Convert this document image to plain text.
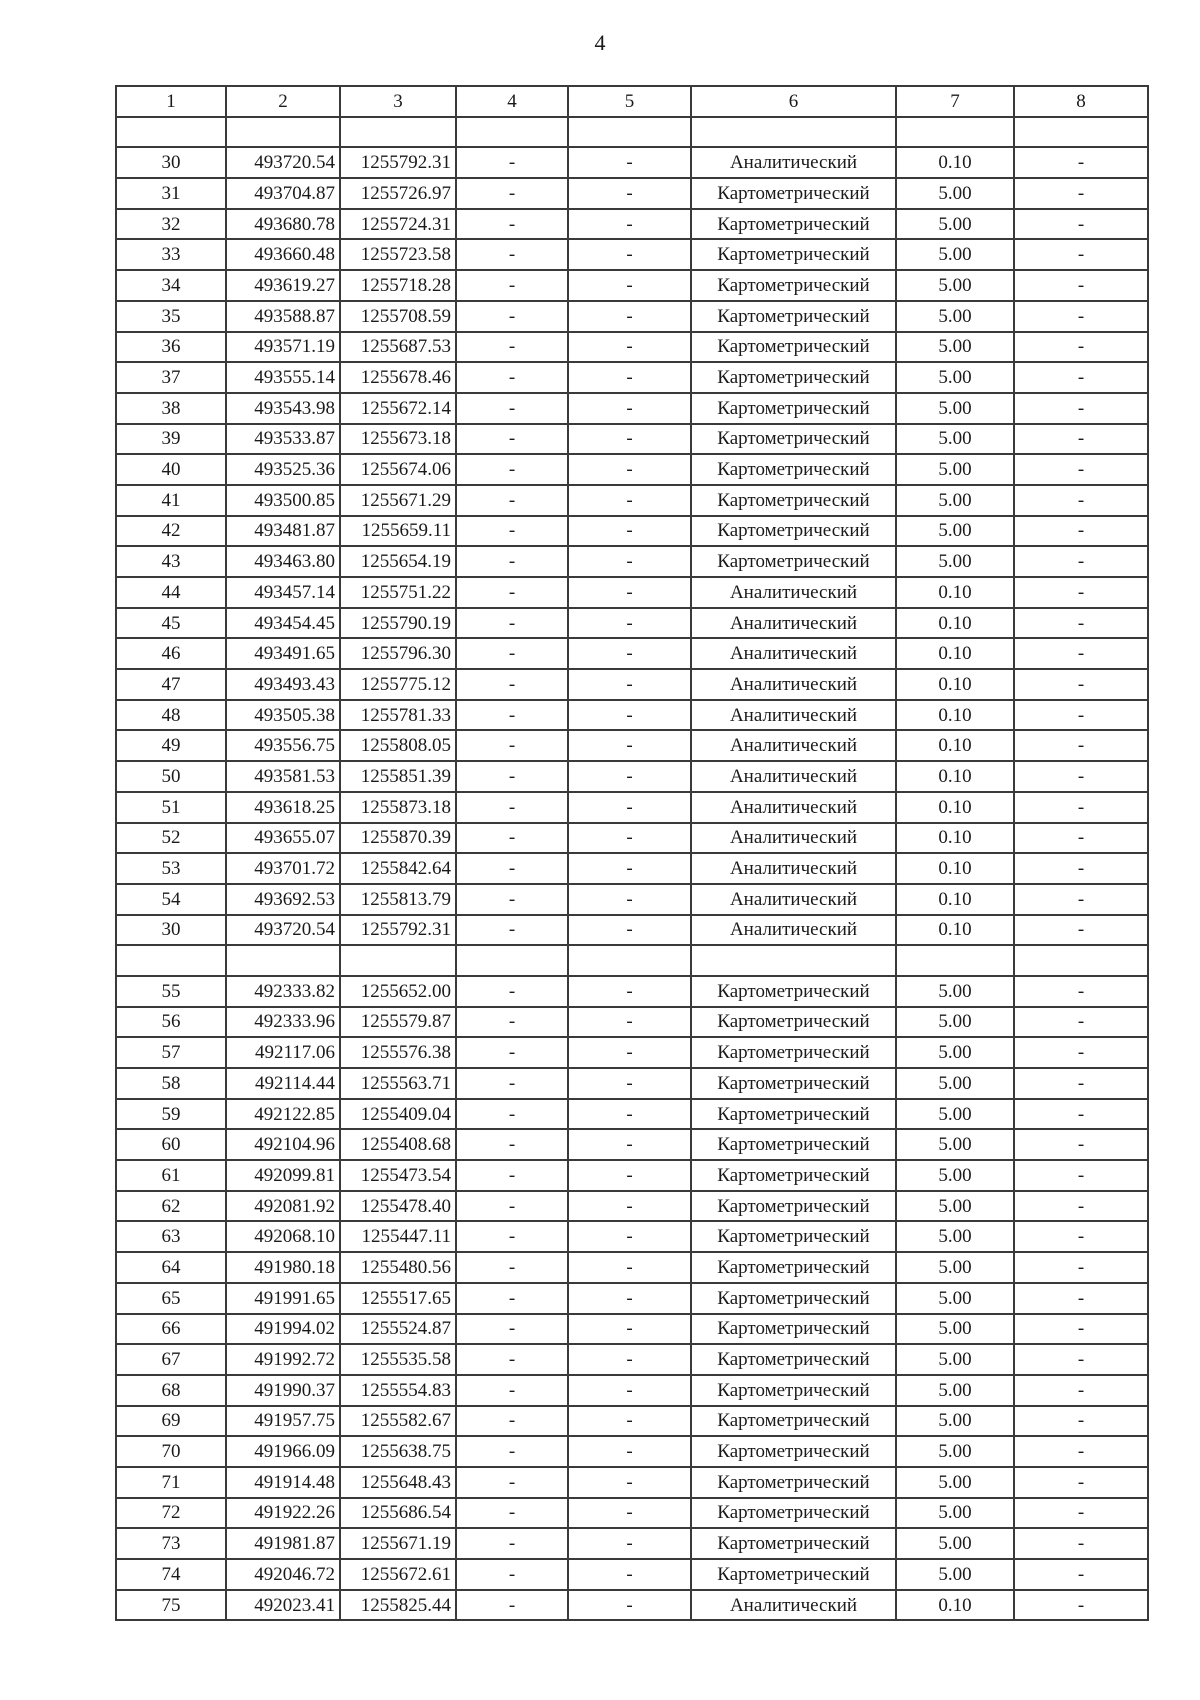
4
1	2	3	4	5	6	7	8

30	493720.54	1255792.31	-	-	Аналитический	0.10	-
31	493704.87	1255726.97	-	-	Картометрический	5.00	-
32	493680.78	1255724.31	-	-	Картометрический	5.00	-
33	493660.48	1255723.58	-	-	Картометрический	5.00	-
34	493619.27	1255718.28	-	-	Картометрический	5.00	-
35	493588.87	1255708.59	-	-	Картометрический	5.00	-
36	493571.19	1255687.53	-	-	Картометрический	5.00	-
37	493555.14	1255678.46	-	-	Картометрический	5.00	-
38	493543.98	1255672.14	-	-	Картометрический	5.00	-
39	493533.87	1255673.18	-	-	Картометрический	5.00	-
40	493525.36	1255674.06	-	-	Картометрический	5.00	-
41	493500.85	1255671.29	-	-	Картометрический	5.00	-
42	493481.87	1255659.11	-	-	Картометрический	5.00	-
43	493463.80	1255654.19	-	-	Картометрический	5.00	-
44	493457.14	1255751.22	-	-	Аналитический	0.10	-
45	493454.45	1255790.19	-	-	Аналитический	0.10	-
46	493491.65	1255796.30	-	-	Аналитический	0.10	-
47	493493.43	1255775.12	-	-	Аналитический	0.10	-
48	493505.38	1255781.33	-	-	Аналитический	0.10	-
49	493556.75	1255808.05	-	-	Аналитический	0.10	-
50	493581.53	1255851.39	-	-	Аналитический	0.10	-
51	493618.25	1255873.18	-	-	Аналитический	0.10	-
52	493655.07	1255870.39	-	-	Аналитический	0.10	-
53	493701.72	1255842.64	-	-	Аналитический	0.10	-
54	493692.53	1255813.79	-	-	Аналитический	0.10	-
30	493720.54	1255792.31	-	-	Аналитический	0.10	-

55	492333.82	1255652.00	-	-	Картометрический	5.00	-
56	492333.96	1255579.87	-	-	Картометрический	5.00	-
57	492117.06	1255576.38	-	-	Картометрический	5.00	-
58	492114.44	1255563.71	-	-	Картометрический	5.00	-
59	492122.85	1255409.04	-	-	Картометрический	5.00	-
60	492104.96	1255408.68	-	-	Картометрический	5.00	-
61	492099.81	1255473.54	-	-	Картометрический	5.00	-
62	492081.92	1255478.40	-	-	Картометрический	5.00	-
63	492068.10	1255447.11	-	-	Картометрический	5.00	-
64	491980.18	1255480.56	-	-	Картометрический	5.00	-
65	491991.65	1255517.65	-	-	Картометрический	5.00	-
66	491994.02	1255524.87	-	-	Картометрический	5.00	-
67	491992.72	1255535.58	-	-	Картометрический	5.00	-
68	491990.37	1255554.83	-	-	Картометрический	5.00	-
69	491957.75	1255582.67	-	-	Картометрический	5.00	-
70	491966.09	1255638.75	-	-	Картометрический	5.00	-
71	491914.48	1255648.43	-	-	Картометрический	5.00	-
72	491922.26	1255686.54	-	-	Картометрический	5.00	-
73	491981.87	1255671.19	-	-	Картометрический	5.00	-
74	492046.72	1255672.61	-	-	Картометрический	5.00	-
75	492023.41	1255825.44	-	-	Аналитический	0.10	-
